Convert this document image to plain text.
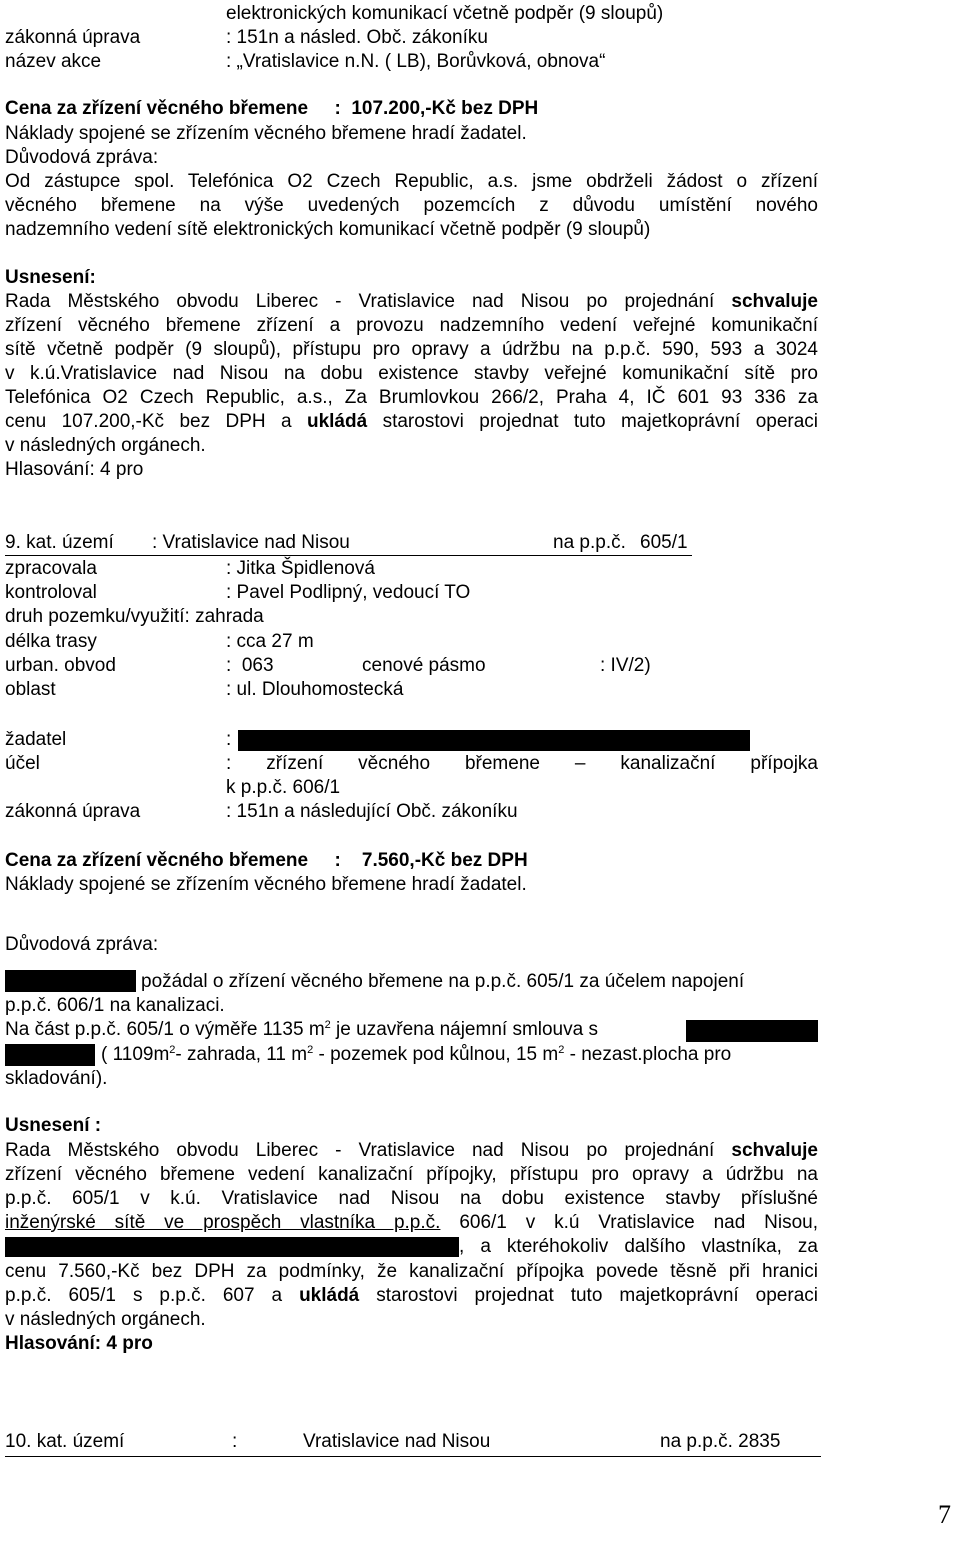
elektronických komunikací včetně podpěr (9 sloupů)
zákonná úprava	: 151n a násled. Obč. zákoníku
název akce	: „Vratislavice n.N. ( LB), Borůvková, obnova“
Cena za zřízení věcného břemene     :  107.200,-Kč bez DPH
Náklady spojené se zřízením věcného břemene hradí žadatel.
Důvodová zpráva:
Od zástupce spol. Telefónica O2 Czech Republic, a.s. jsme obdrželi žádost o zřízení
věcného břemene na výše uvedených pozemcích z důvodu umístění nového
nadzemního vedení sítě elektronických komunikací včetně podpěr (9 sloupů)
Usnesení:
Rada Městského obvodu Liberec - Vratislavice nad Nisou po projednání schvaluje
zřízení věcného břemene zřízení a provozu nadzemního vedení veřejné komunikační
sítě včetně podpěr (9 sloupů), přístupu pro opravy a údržbu na p.p.č. 590, 593 a 3024
v k.ú.Vratislavice nad Nisou na dobu existence stavby veřejné komunikační sítě pro
Telefónica O2 Czech Republic, a.s., Za Brumlovkou 266/2, Praha 4, IČ 601 93 336 za
cenu 107.200,-Kč bez DPH a ukládá starostovi projednat tuto majetkoprávní operaci
v následných orgánech.
Hlasování: 4 pro
9. kat. území : Vratislavice nad Nisou	na p.p.č. 605/1
zpracovala	: Jitka Špidlenová
kontroloval	: Pavel Podlipný, vedoucí TO
druh pozemku/využití: zahrada
délka trasy	: cca 27 m
urban. obvod	:  063	cenové pásmo	: IV/2)
oblast	: ul. Dlouhomostecká
žadatel	:
účel	: zřízení věcného břemene – kanalizační přípojka
k p.p.č. 606/1
zákonná úprava	: 151n a následující Obč. zákoníku
Cena za zřízení věcného břemene     :    7.560,-Kč bez DPH
Náklady spojené se zřízením věcného břemene hradí žadatel.
Důvodová zpráva:
požádal o zřízení věcného břemene na p.p.č. 605/1 za účelem napojení
p.p.č. 606/1 na kanalizaci.
Na část p.p.č. 605/1 o výměře 1135 $m^2$ je uzavřena nájemní smlouva s
( $1109m^2-$ zahrada, 11 $m^2$ - pozemek pod kůlnou, 15 $m^2$ - nezast.plocha pro
skladování).
Usnesení :
Rada Městského obvodu Liberec - Vratislavice nad Nisou po projednání schvaluje
zřízení věcného břemene vedení kanalizační přípojky, přístupu pro opravy a údržbu na
p.p.č. 605/1 v k.ú. Vratislavice nad Nisou na dobu existence stavby příslušné
inženýrské sítě ve prospěch vlastníka p.p.č. 606/1 v k.ú Vratislavice nad Nisou,
, a kteréhokoliv dalšího vlastníka, za
cenu 7.560,-Kč bez DPH za podmínky, že kanalizační přípojka povede těsně při hranici
p.p.č. 605/1 s p.p.č. 607 a ukládá starostovi projednat tuto majetkoprávní operaci
v následných orgánech.
Hlasování: 4 pro
10. kat. území	:	Vratislavice nad Nisou	na p.p.č. 2835
7
